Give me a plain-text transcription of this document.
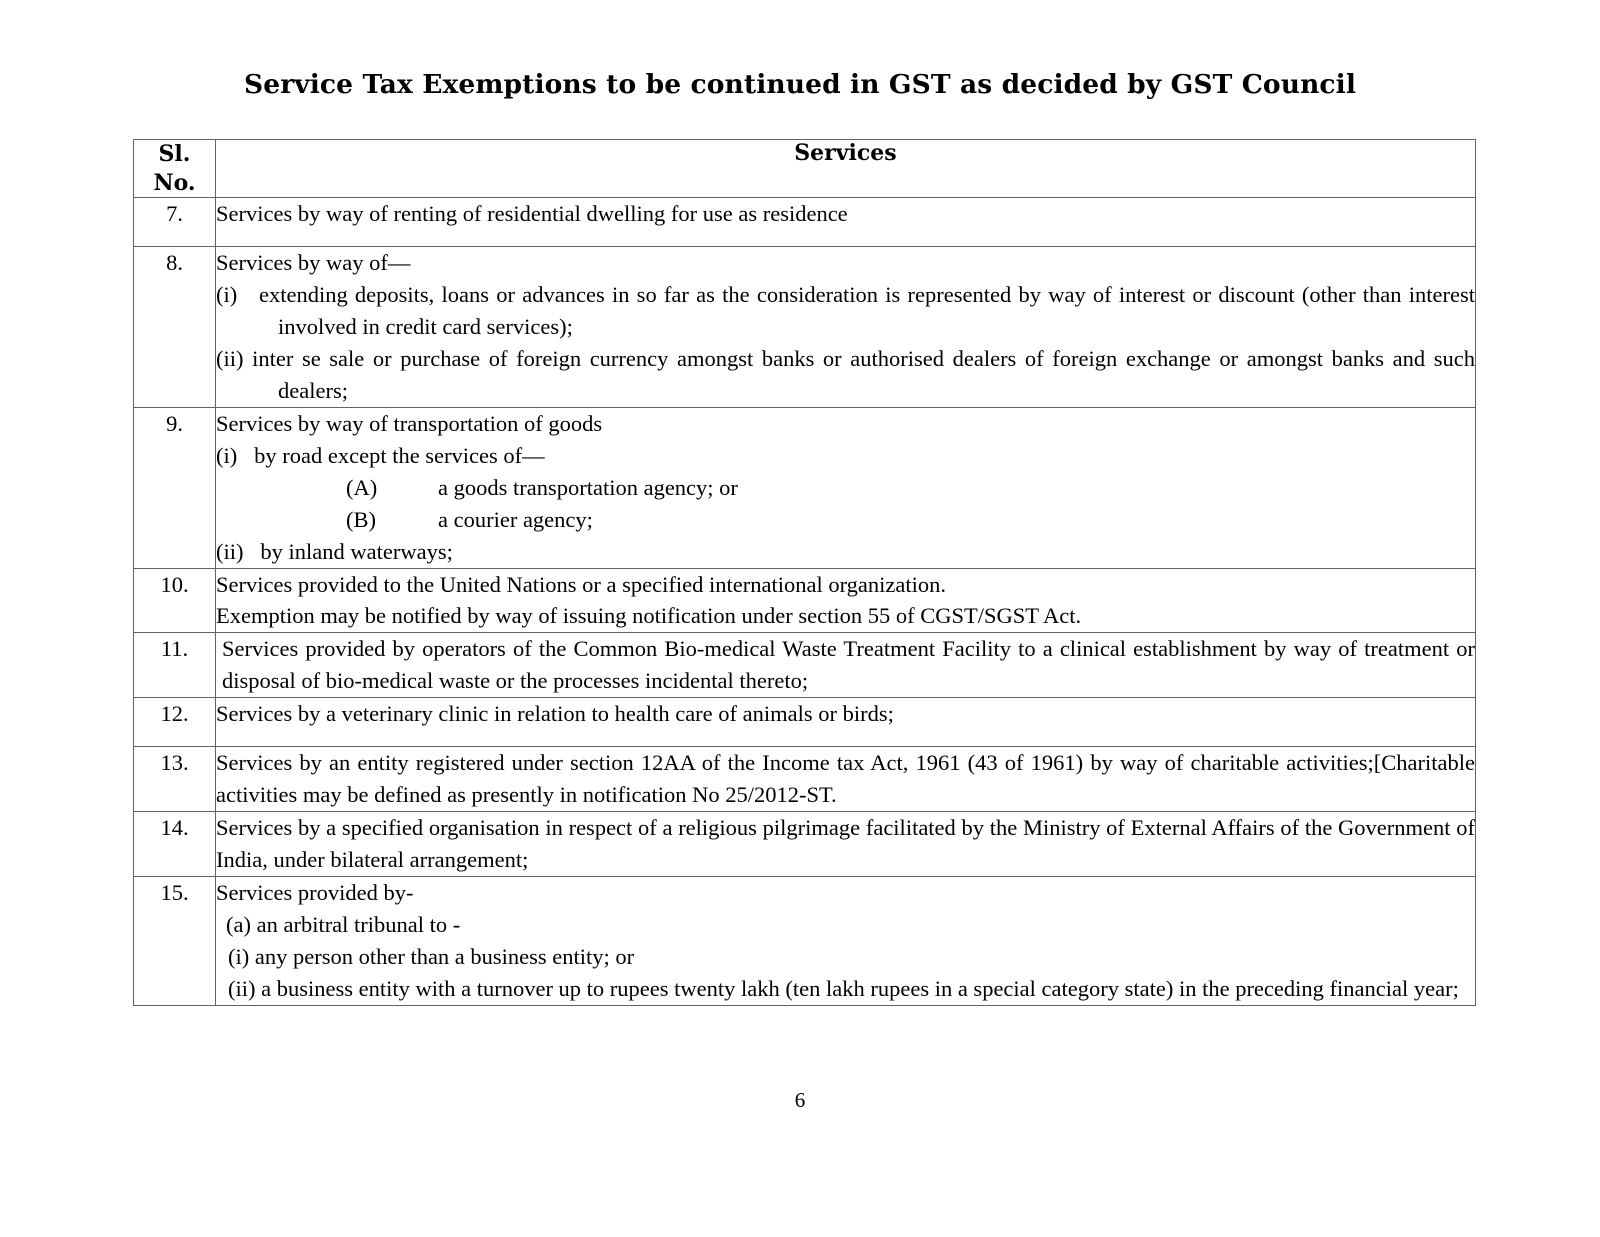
Service Tax Exemptions to be continued in GST as decided by GST Council
Sl.
No.	Services
7.	Services by way of renting of residential dwelling for use as residence

8.	Services by way of—
(i) extending deposits, loans or advances in so far as the consideration is represented by way of interest or discount (other than interest involved in credit card services);
(ii) inter se sale or purchase of foreign currency amongst banks or authorised dealers of foreign exchange or amongst banks and such dealers;

9.	Services by way of transportation of goods
(i) by road except the services of—
(A) a goods transportation agency; or
(B) a courier agency;
(ii) by inland waterways;

10.	Services provided to the United Nations or a specified international organization.
Exemption may be notified by way of issuing notification under section 55 of CGST/SGST Act.

11.	Services provided by operators of the Common Bio-medical Waste Treatment Facility to a clinical establishment by way of treatment or disposal of bio-medical waste or the processes incidental thereto;

12.	Services by a veterinary clinic in relation to health care of animals or birds;

13.	Services by an entity registered under section 12AA of the Income tax Act, 1961 (43 of 1961) by way of charitable activities;[Charitable activities may be defined as presently in notification No 25/2012-ST.

14.	Services by a specified organisation in respect of a religious pilgrimage facilitated by the Ministry of External Affairs of the Government of India, under bilateral arrangement;

15.	Services provided by-
(a) an arbitral tribunal to -
(i) any person other than a business entity; or
(ii) a business entity with a turnover up to rupees twenty lakh (ten lakh rupees in a special category state) in the preceding financial year;
6
